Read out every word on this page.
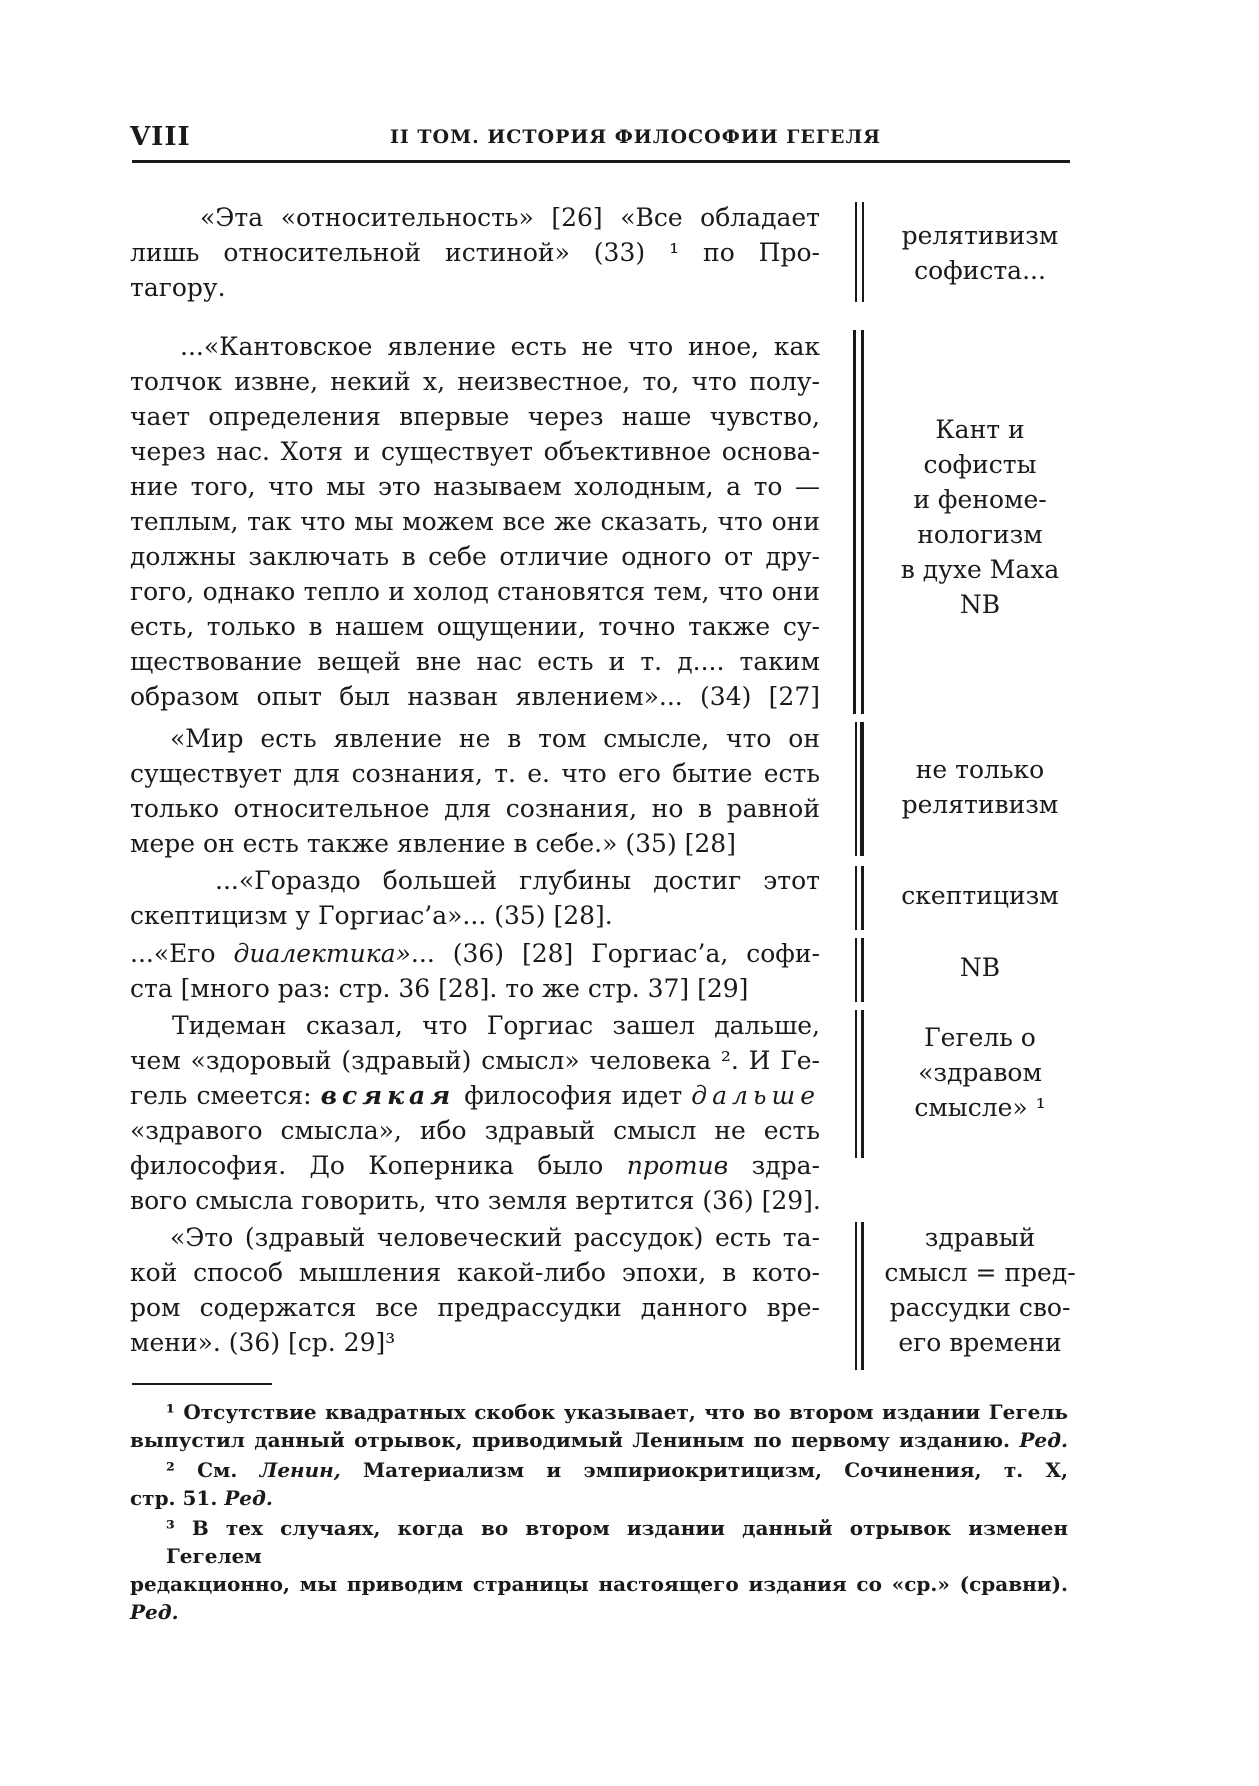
VIII	II ТОМ. ИСТОРИЯ ФИЛОСОФИИ ГЕГЕЛЯ
«Эта «относительность» [26] «Все обладает
лишь относительной истиной» (33) ¹ по Про-
тагору.
релятивизм
софиста...
...«Кантовское явление есть не что иное, как
толчок извне, некий x, неизвестное, то, что полу-
чает определения впервые через наше чувство,
через нас. Хотя и существует объективное основа-
ние того, что мы это называем холодным, а то —
теплым, так что мы можем все же сказать, что они
должны заключать в себе отличие одного от дру-
гого, однако тепло и холод становятся тем, что они
есть, только в нашем ощущении, точно также су-
ществование вещей вне нас есть и т. д.... таким
образом опыт был назван явлением»... (34) [27]
Кант и
софисты
и феноме-
нологизм
в духе Маха
NB
«Мир есть явление не в том смысле, что он
существует для сознания, т. е. что его бытие есть
только относительное для сознания, но в равной
мере он есть также явление в себе.» (35) [28]
не только
релятивизм
...«Гораздо большей глубины достиг этот
скептицизм у Горгиас’а»... (35) [28].
скептицизм
...«Его диалектика»... (36) [28] Горгиас’а, софи-
ста [много раз: стр. 36 [28]. то же стр. 37] [29]
NB
Тидеман сказал, что Горгиас зашел дальше,
чем «здоровый (здравый) смысл» человека ². И Ге-
гель смеется: всякая философия идет дальше
«здравого смысла», ибо здравый смысл не есть
философия. До Коперника было против здра-
вого смысла говорить, что земля вертится (36) [29].
Гегель о
«здравом
смысле» ¹
«Это (здравый человеческий рассудок) есть та-
кой способ мышления какой-либо эпохи, в кото-
ром содержатся все предрассудки данного вре-
мени». (36) [ср. 29]³
здравый
смысл = пред-
рассудки сво-
его времени
¹ Отсутствие квадратных скобок указывает, что во втором издании Гегель
выпустил данный отрывок, приводимый Лениным по первому изданию. Ред.
² См. Ленин, Материализм и эмпириокритицизм, Сочинения, т. X,
стр. 51. Ред.
³ В тех случаях, когда во втором издании данный отрывок изменен Гегелем
редакционно, мы приводим страницы настоящего издания со «ср.» (сравни). Ред.
